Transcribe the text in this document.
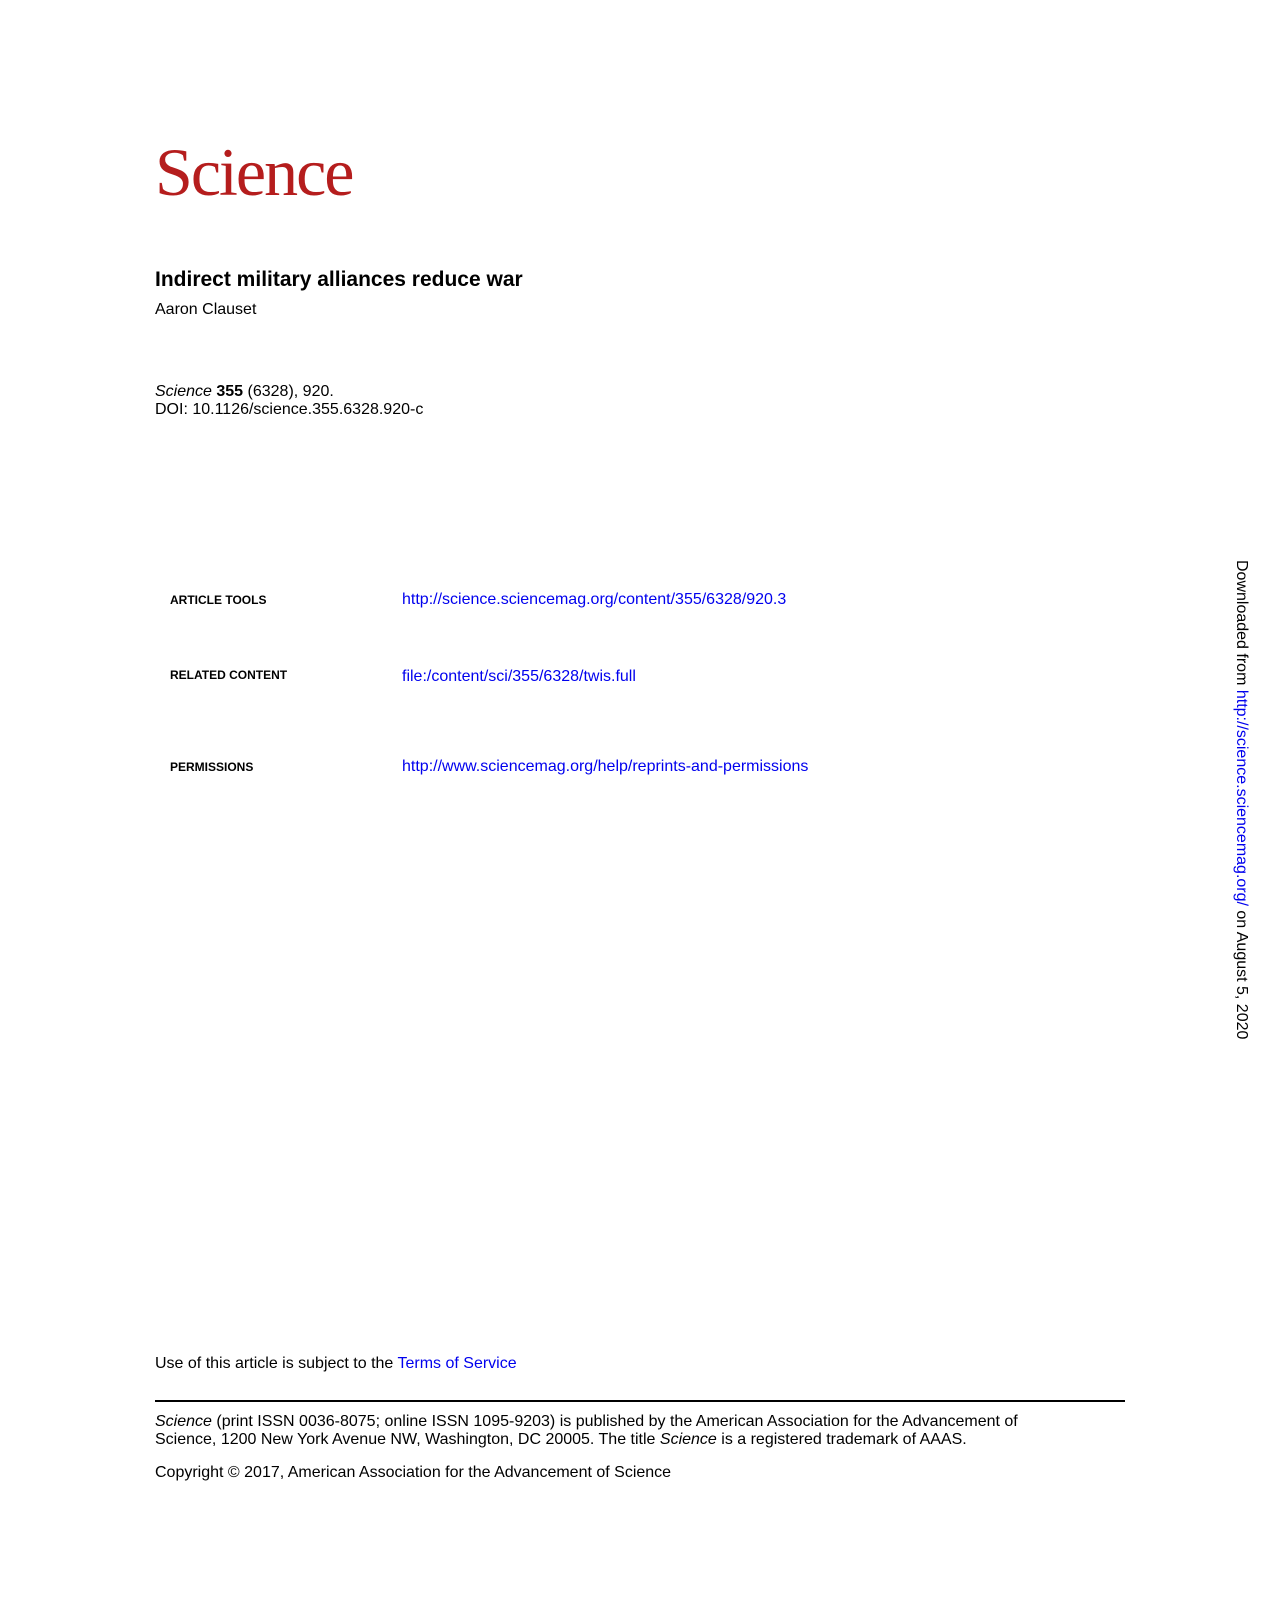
Science
Indirect military alliances reduce war
Aaron Clauset
Science 355 (6328), 920.
DOI: 10.1126/science.355.6328.920-c
ARTICLE TOOLS	http://science.sciencemag.org/content/355/6328/920.3
RELATED CONTENT	file:/content/sci/355/6328/twis.full
PERMISSIONS	http://www.sciencemag.org/help/reprints-and-permissions
Use of this article is subject to the Terms of Service
Science (print ISSN 0036-8075; online ISSN 1095-9203) is published by the American Association for the Advancement of
Science, 1200 New York Avenue NW, Washington, DC 20005. The title Science is a registered trademark of AAAS.
Copyright © 2017, American Association for the Advancement of Science
Downloaded from http://science.sciencemag.org/ on August 5, 2020
